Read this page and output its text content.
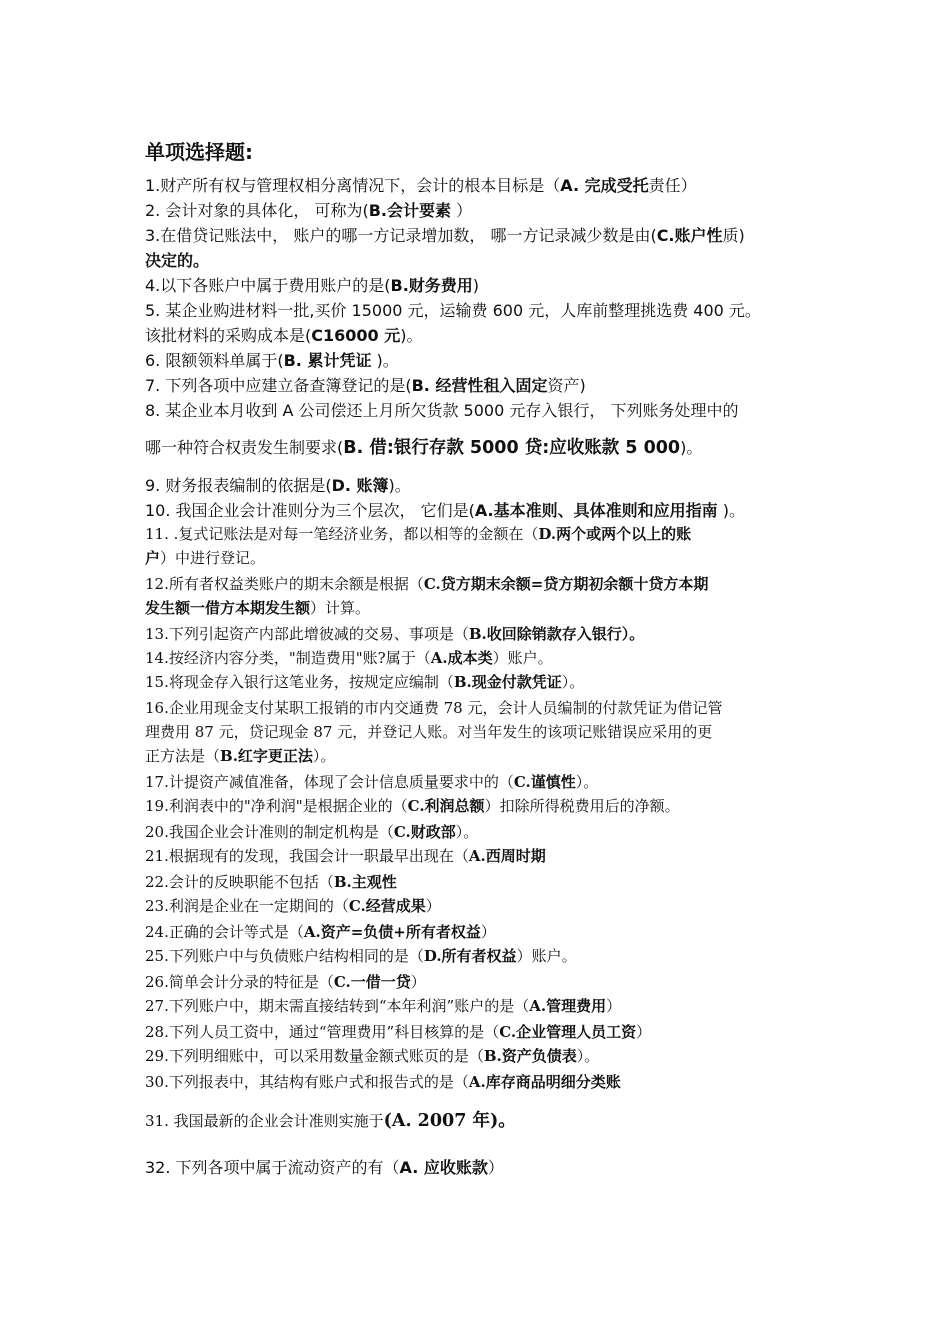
单项选择题:
1.财产所有权与管理权相分离情况下，会计的根本目标是（A. 完成受托责任）
2. 会计对象的具体化， 可称为(B.会计要素 ）
3.在借贷记账法中， 账户的哪一方记录增加数， 哪一方记录减少数是由(C.账户性质)
决定的。
4.以下各账户中属于费用账户的是(B.财务费用)
5. 某企业购进材料一批,买价 15000 元，运输费 600 元，人库前整理挑选费 400 元。
该批材料的采购成本是(C16000 元)。
6. 限额领料单属于(B. 累计凭证 )。
7. 下列各项中应建立备查簿登记的是(B. 经营性租入固定资产)
8. 某企业本月收到 A 公司偿还上月所欠货款 5000 元存入银行， 下列账务处理中的
哪一种符合权责发生制要求(B. 借:银行存款 5000 贷:应收账款 5 000)。
9. 财务报表编制的依据是(D. 账簿)。
10. 我国企业会计准则分为三个层次， 它们是(A.基本准则、具体准则和应用指南 )。
11. .复式记账法是对每一笔经济业务，都以相等的金额在（D.两个或两个以上的账
户）中进行登记。
12.所有者权益类账户的期末余额是根据（C.贷方期末余额=贷方期初余额十贷方本期
发生额一借方本期发生额）计算。
13.下列引起资产内部此增彼减的交易、事项是（B.收回除销款存入银行）。
14.按经济内容分类，"制造费用"账?属于（A.成本类）账户。
15.将现金存入银行这笔业务，按规定应编制（B.现金付款凭证）。
16.企业用现金支付某职工报销的市内交通费 78 元，会计人员编制的付款凭证为借记管
理费用 87 元，贷记现金 87 元，并登记人账。对当年发生的该项记账错误应采用的更
正方法是（B.红字更正法）。
17.计提资产减值准备，体现了会计信息质量要求中的（C.谨慎性）。
19.利润表中的"净利润"是根据企业的（C.利润总额）扣除所得税费用后的净额。
20.我国企业会计准则的制定机构是（C.财政部）。
21.根据现有的发现，我国会计一职最早出现在（A.西周时期
22.会计的反映职能不包括（B.主观性
23.利润是企业在一定期间的（C.经营成果）
24.正确的会计等式是（A.资产=负债+所有者权益）
25.下列账户中与负债账户结构相同的是（D.所有者权益）账户。
26.简单会计分录的特征是（C.一借一贷）
27.下列账户中，期末需直接结转到“本年利润”账户的是（A.管理费用）
28.下列人员工资中，通过“管理费用”科目核算的是（C.企业管理人员工资）
29.下列明细账中，可以采用数量金额式账页的是（B.资产负债表）。
30.下列报表中，其结构有账户式和报告式的是（A.库存商品明细分类账
31. 我国最新的企业会计准则实施于(A. 2007 年)。
32. 下列各项中属于流动资产的有（A. 应收账款）
